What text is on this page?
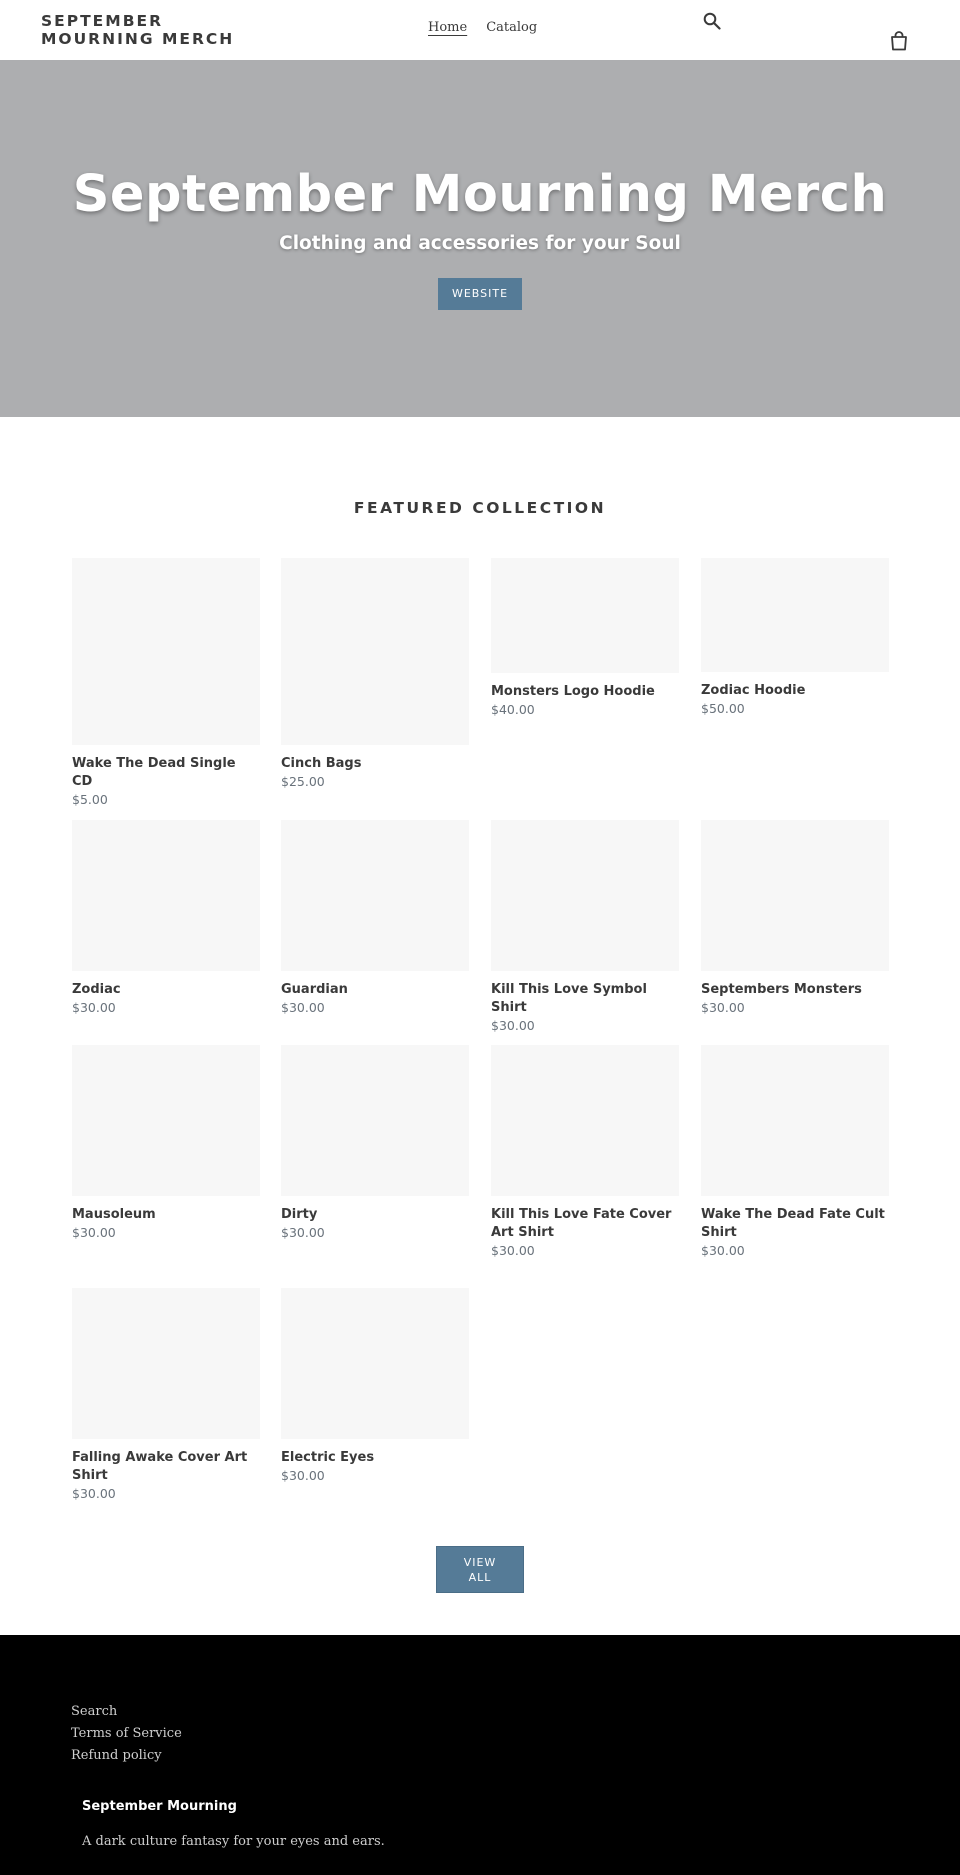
SEPTEMBER MOURNING MERCH
Home Catalog
September Mourning Merch

Clothing and accessories for your Soul

WEBSITE
FEATURED COLLECTION
Wake The Dead Single CD
$5.00
Cinch Bags
$25.00
Monsters Logo Hoodie
$40.00
Zodiac Hoodie
$50.00
Zodiac
$30.00
Guardian
$30.00
Kill This Love Symbol Shirt
$30.00
Septembers Monsters
$30.00
Mausoleum
$30.00
Dirty
$30.00
Kill This Love Fate Cover Art Shirt
$30.00
Wake The Dead Fate Cult Shirt
$30.00
Falling Awake Cover Art Shirt
$30.00
Electric Eyes
$30.00
VIEW ALL
Search
Terms of Service
Refund policy
September Mourning
A dark culture fantasy for your eyes and ears.
